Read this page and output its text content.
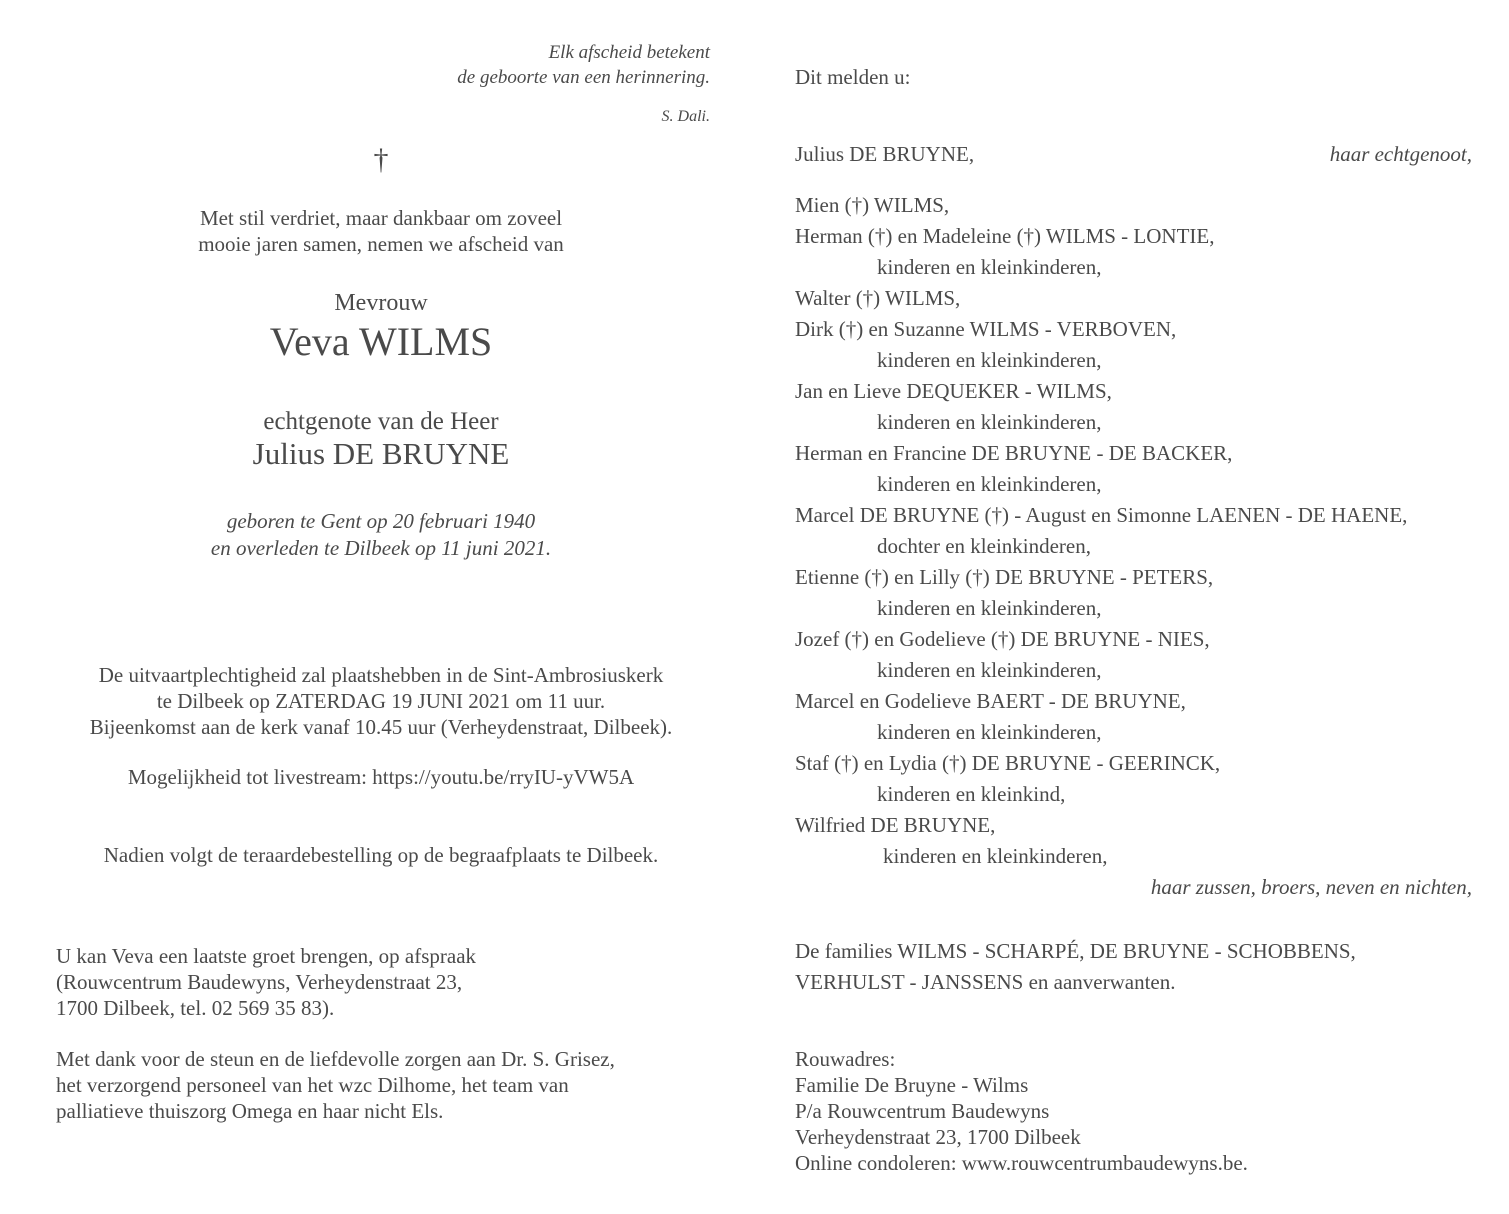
Elk afscheid betekent
de geboorte van een herinnering.
S. Dali.
†
Met stil verdriet, maar dankbaar om zoveel
mooie jaren samen, nemen we afscheid van
Mevrouw
Veva WILMS
echtgenote van de Heer
Julius DE BRUYNE
geboren te Gent op 20 februari 1940
en overleden te Dilbeek op 11 juni 2021.
De uitvaartplechtigheid zal plaatshebben in de Sint-Ambrosiuskerk
te Dilbeek op ZATERDAG 19 JUNI 2021 om 11 uur.
Bijeenkomst aan de kerk vanaf 10.45 uur (Verheydenstraat, Dilbeek).
Mogelijkheid tot livestream: https://youtu.be/rryIU-yVW5A
Nadien volgt de teraardebestelling op de begraafplaats te Dilbeek.
U kan Veva een laatste groet brengen, op afspraak
(Rouwcentrum Baudewyns, Verheydenstraat 23,
1700 Dilbeek, tel. 02 569 35 83).
Met dank voor de steun en de liefdevolle zorgen aan Dr. S. Grisez,
het verzorgend personeel van het wzc Dilhome, het team van
palliatieve thuiszorg Omega en haar nicht Els.
Dit melden u:
Julius DE BRUYNE,	haar echtgenoot,
Mien (†) WILMS,
Herman (†) en Madeleine (†) WILMS - LONTIE,
kinderen en kleinkinderen,
Walter (†) WILMS,
Dirk (†) en Suzanne WILMS - VERBOVEN,
kinderen en kleinkinderen,
Jan en Lieve DEQUEKER - WILMS,
kinderen en kleinkinderen,
Herman en Francine DE BRUYNE - DE BACKER,
kinderen en kleinkinderen,
Marcel DE BRUYNE (†) - August en Simonne LAENEN - DE HAENE,
dochter en kleinkinderen,
Etienne (†) en Lilly (†) DE BRUYNE - PETERS,
kinderen en kleinkinderen,
Jozef (†) en Godelieve (†) DE BRUYNE - NIES,
kinderen en kleinkinderen,
Marcel en Godelieve BAERT - DE BRUYNE,
kinderen en kleinkinderen,
Staf (†) en Lydia (†) DE BRUYNE - GEERINCK,
kinderen en kleinkind,
Wilfried DE BRUYNE,
kinderen en kleinkinderen,
haar zussen, broers, neven en nichten,
De families WILMS - SCHARPÉ, DE BRUYNE - SCHOBBENS,
VERHULST - JANSSENS en aanverwanten.
Rouwadres:
Familie De Bruyne - Wilms
P/a Rouwcentrum Baudewyns
Verheydenstraat 23, 1700 Dilbeek
Online condoleren: www.rouwcentrumbaudewyns.be.
